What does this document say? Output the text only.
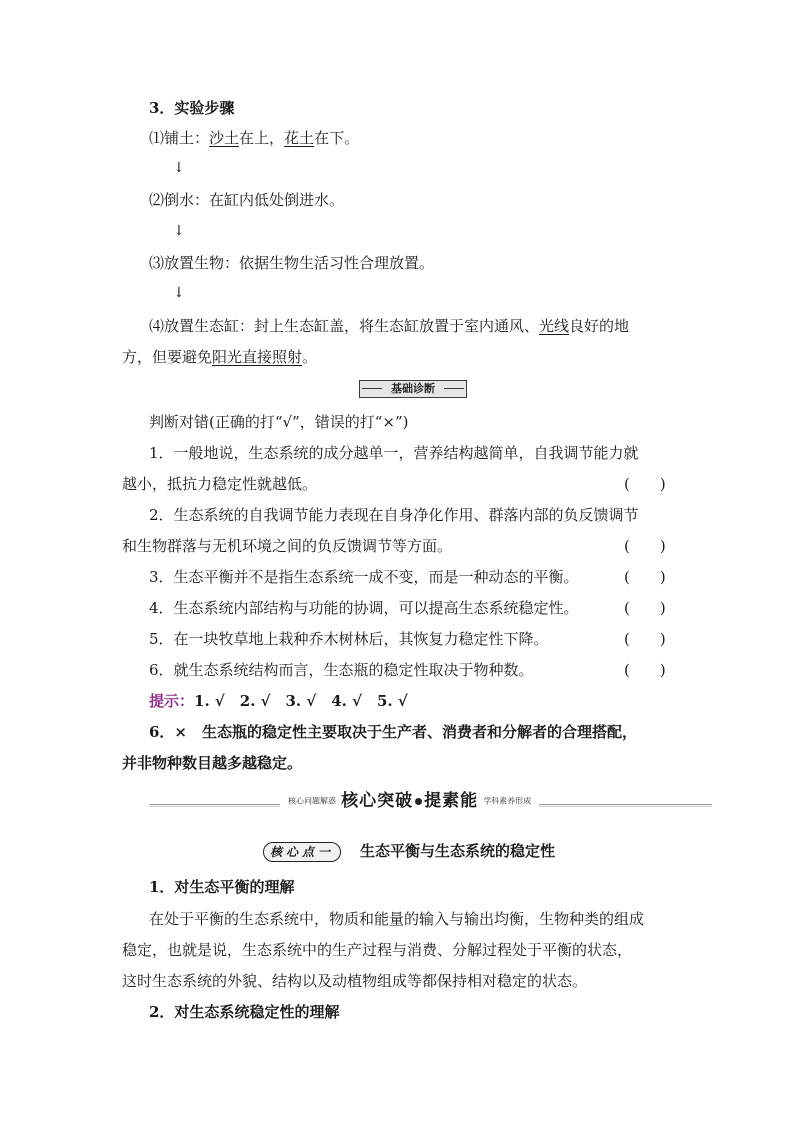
3．实验步骤
⑴铺土：沙土在上，花土在下。
↓
⑵倒水：在缸内低处倒进水。
↓
⑶放置生物：依据生物生活习性合理放置。
↓
⑷放置生态缸：封上生态缸盖，将生态缸放置于室内通风、光线良好的地
方，但要避免阳光直接照射。
基础诊断
判断对错(正确的打“√”，错误的打“×”)
1．一般地说，生态系统的成分越单一，营养结构越简单，自我调节能力就
越小，抵抗力稳定性就越低。	(　　)
2．生态系统的自我调节能力表现在自身净化作用、群落内部的负反馈调节
和生物群落与无机环境之间的负反馈调节等方面。	(　　)
3．生态平衡并不是指生态系统一成不变，而是一种动态的平衡。	(　　)
4．生态系统内部结构与功能的协调，可以提高生态系统稳定性。	(　　)
5．在一块牧草地上栽种乔木树林后，其恢复力稳定性下降。	(　　)
6．就生态系统结构而言，生态瓶的稳定性取决于物种数。	(　　)
提示：1. √　2. √　3. √　4. √　5. √
6．×　生态瓶的稳定性主要取决于生产者、消费者和分解者的合理搭配，
并非物种数目越多越稳定。
核心问题解惑 核心突破 提素能 学科素养形成
核心点一	生态平衡与生态系统的稳定性
1．对生态平衡的理解
在处于平衡的生态系统中，物质和能量的输入与输出均衡，生物种类的组成
稳定，也就是说，生态系统中的生产过程与消费、分解过程处于平衡的状态，
这时生态系统的外貌、结构以及动植物组成等都保持相对稳定的状态。
2．对生态系统稳定性的理解
